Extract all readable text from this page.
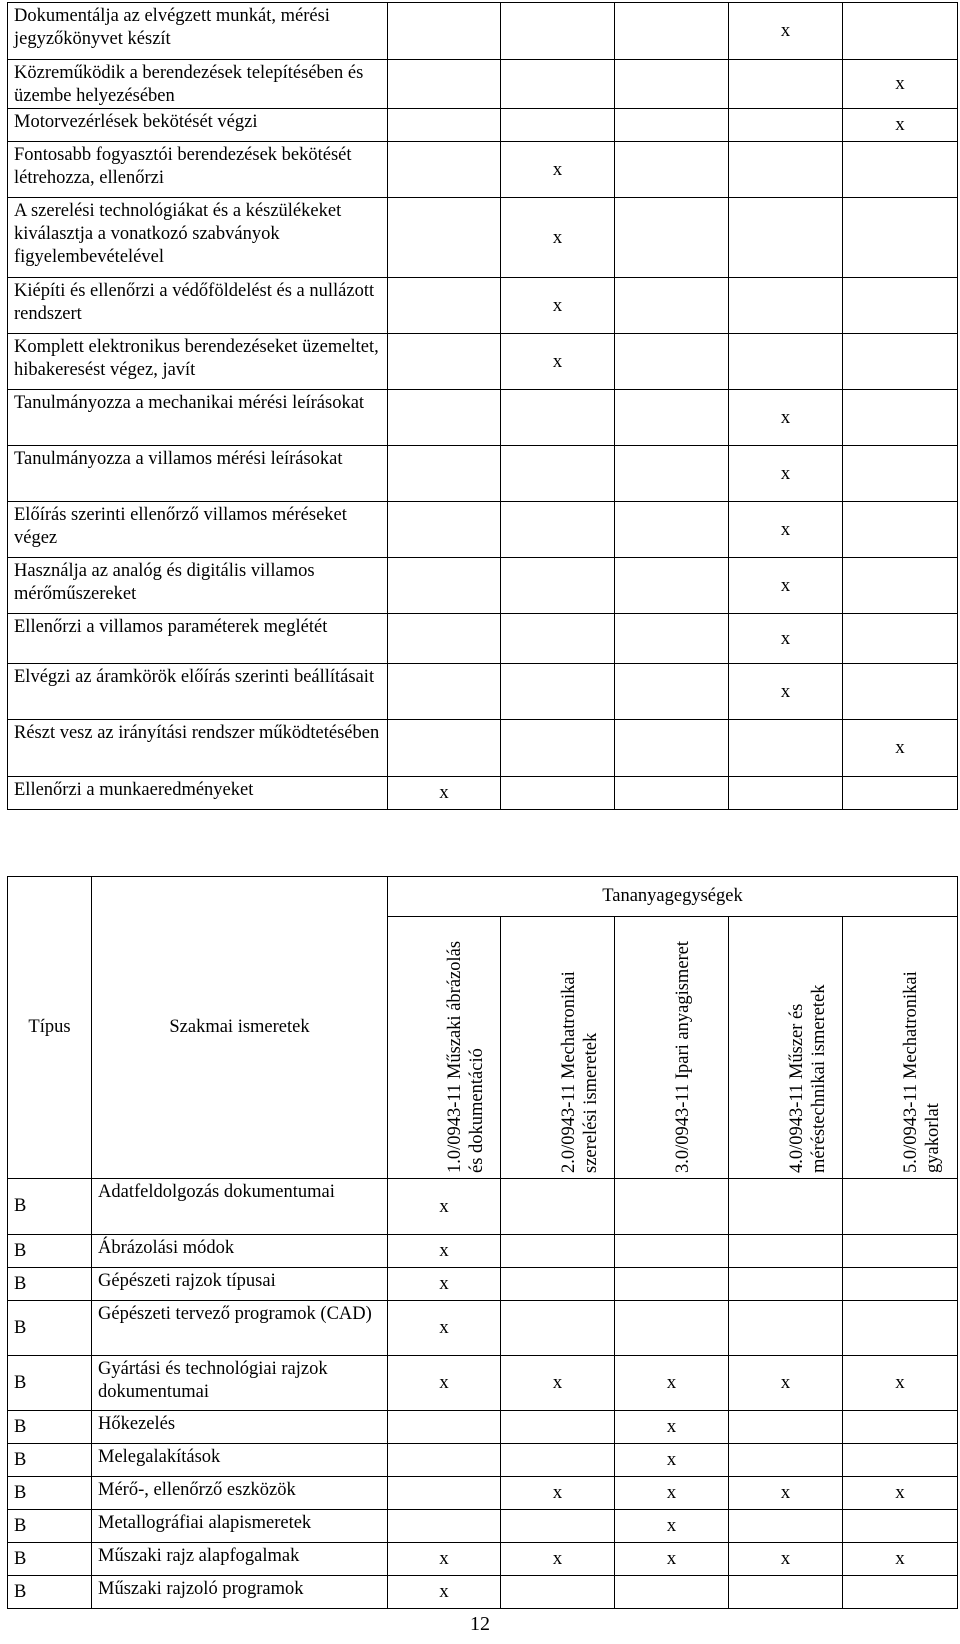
Dokumentálja az elvégzett munkát, mérési jegyzőkönyvet készít				x	
Közreműködik a berendezések telepítésében és üzembe helyezésében					x
Motorvezérlések bekötését végzi					x
Fontosabb fogyasztói berendezések bekötését létrehozza, ellenőrzi		x			
A szerelési technológiákat és a készülékeket kiválasztja a vonatkozó szabványok figyelembevételével		x			
Kiépíti és ellenőrzi a védőföldelést és a nullázott rendszert		x			
Komplett elektronikus berendezéseket üzemeltet, hibakeresést végez, javít		x			
Tanulmányozza a mechanikai mérési leírásokat				x	
Tanulmányozza a villamos mérési leírásokat				x	
Előírás szerinti ellenőrző villamos méréseket végez				x	
Használja az analóg és digitális villamos mérőműszereket				x	
Ellenőrzi a villamos paraméterek meglétét				x	
Elvégzi az áramkörök előírás szerinti beállításait				x	
Részt vesz az irányítási rendszer működtetésében					x
Ellenőrzi a munkaeredményeket	x				
Típus	Szakmai ismeretek	Tananyagegységek				

		1.0/0943-11 Műszaki ábrázolás és dokumentáció	2.0/0943-11 Mechatronikai szerelési ismeretek	3.0/0943-11 Ipari anyagismeret	4.0/0943-11 Műszer és méréstechnikai ismeretek	5.0/0943-11 Mechatronikai gyakorlat

B	Adatfeldolgozás dokumentumai	x				
B	Ábrázolási módok	x				
B	Gépészeti rajzok típusai	x				
B	Gépészeti tervező programok (CAD)	x				
B	Gyártási és technológiai rajzok dokumentumai	x	x	x	x	x
B	Hőkezelés			x		
B	Melegalakítások			x		
B	Mérő-, ellenőrző eszközök		x	x	x	x
B	Metallográfiai alapismeretek			x		
B	Műszaki rajz alapfogalmak	x	x	x	x	x
B	Műszaki rajzoló programok	x				
12
